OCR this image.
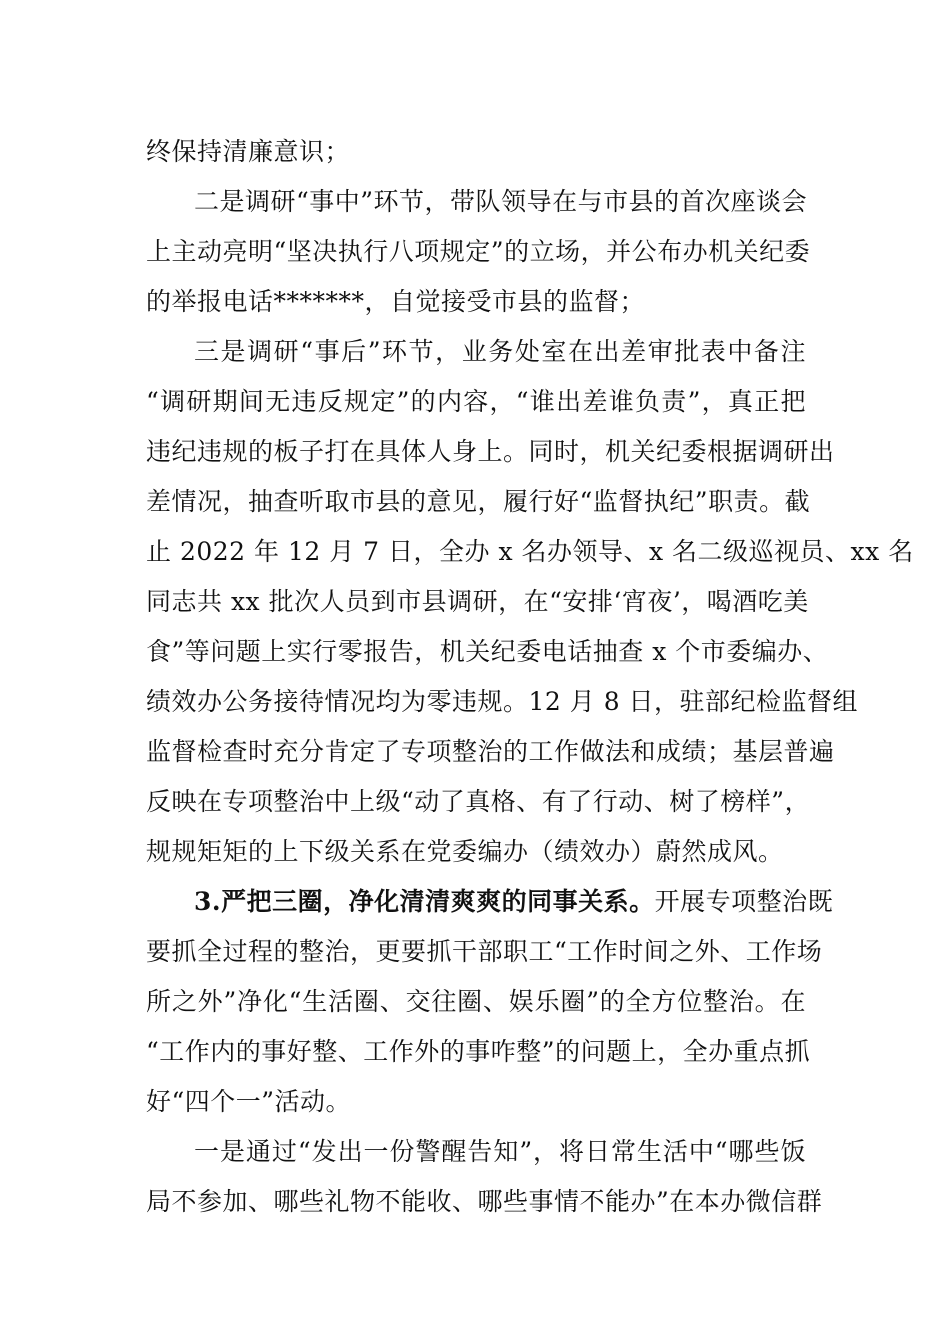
终保持清廉意识；
二是调研“事中”环节，带队领导在与市县的首次座谈会
上主动亮明“坚决执行八项规定”的立场，并公布办机关纪委
的举报电话*******，自觉接受市县的监督；
三是调研“事后”环节，业务处室在出差审批表中备注
“调研期间无违反规定”的内容，“谁出差谁负责”，真正把
违纪违规的板子打在具体人身上。同时，机关纪委根据调研出
差情况，抽查听取市县的意见，履行好“监督执纪”职责。截
止 2022 年 12 月 7 日，全办 x 名办领导、x 名二级巡视员、xx 名
同志共 xx 批次人员到市县调研，在“安排‘宵夜’，喝酒吃美
食”等问题上实行零报告，机关纪委电话抽查 x 个市委编办、
绩效办公务接待情况均为零违规。12 月 8 日，驻部纪检监督组
监督检查时充分肯定了专项整治的工作做法和成绩；基层普遍
反映在专项整治中上级“动了真格、有了行动、树了榜样”，
规规矩矩的上下级关系在党委编办（绩效办）蔚然成风。
3.严把三圈，净化清清爽爽的同事关系。开展专项整治既
要抓全过程的整治，更要抓干部职工“工作时间之外、工作场
所之外”净化“生活圈、交往圈、娱乐圈”的全方位整治。在
“工作内的事好整、工作外的事咋整”的问题上，全办重点抓
好“四个一”活动。
一是通过“发出一份警醒告知”，将日常生活中“哪些饭
局不参加、哪些礼物不能收、哪些事情不能办”在本办微信群
